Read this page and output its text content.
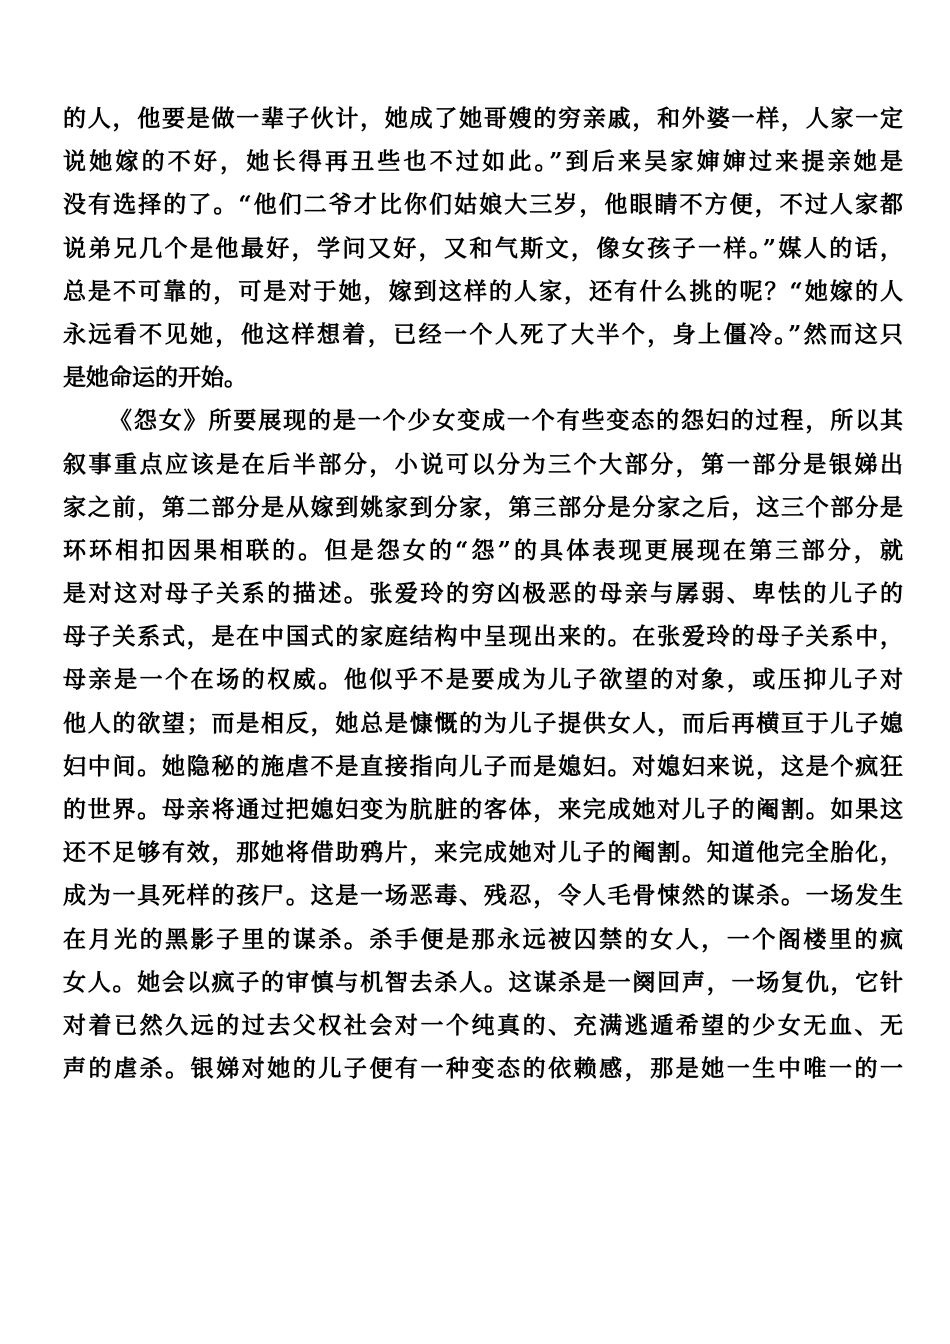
的人，他要是做一辈子伙计，她成了她哥嫂的穷亲戚，和外婆一样，人家一定
说她嫁的不好，她长得再丑些也不过如此。”到后来吴家婶婶过来提亲她是
没有选择的了。“他们二爷才比你们姑娘大三岁，他眼睛不方便，不过人家都
说弟兄几个是他最好，学问又好，又和气斯文，像女孩子一样。”媒人的话，
总是不可靠的，可是对于她，嫁到这样的人家，还有什么挑的呢？“她嫁的人
永远看不见她，他这样想着，已经一个人死了大半个，身上僵冷。”然而这只
是她命运的开始。
《怨女》所要展现的是一个少女变成一个有些变态的怨妇的过程，所以其
叙事重点应该是在后半部分，小说可以分为三个大部分，第一部分是银娣出
家之前，第二部分是从嫁到姚家到分家，第三部分是分家之后，这三个部分是
环环相扣因果相联的。但是怨女的“怨”的具体表现更展现在第三部分，就
是对这对母子关系的描述。张爱玲的穷凶极恶的母亲与孱弱、卑怯的儿子的
母子关系式，是在中国式的家庭结构中呈现出来的。在张爱玲的母子关系中，
母亲是一个在场的权威。他似乎不是要成为儿子欲望的对象，或压抑儿子对
他人的欲望；而是相反，她总是慷慨的为儿子提供女人，而后再横亘于儿子媳
妇中间。她隐秘的施虐不是直接指向儿子而是媳妇。对媳妇来说，这是个疯狂
的世界。母亲将通过把媳妇变为肮脏的客体，来完成她对儿子的阉割。如果这
还不足够有效，那她将借助鸦片，来完成她对儿子的阉割。知道他完全胎化，
成为一具死样的孩尸。这是一场恶毒、残忍，令人毛骨悚然的谋杀。一场发生
在月光的黑影子里的谋杀。杀手便是那永远被囚禁的女人，一个阁楼里的疯
女人。她会以疯子的审慎与机智去杀人。这谋杀是一阕回声，一场复仇，它针
对着已然久远的过去父权社会对一个纯真的、充满逃遁希望的少女无血、无
声的虐杀。银娣对她的儿子便有一种变态的依赖感，那是她一生中唯一的一
